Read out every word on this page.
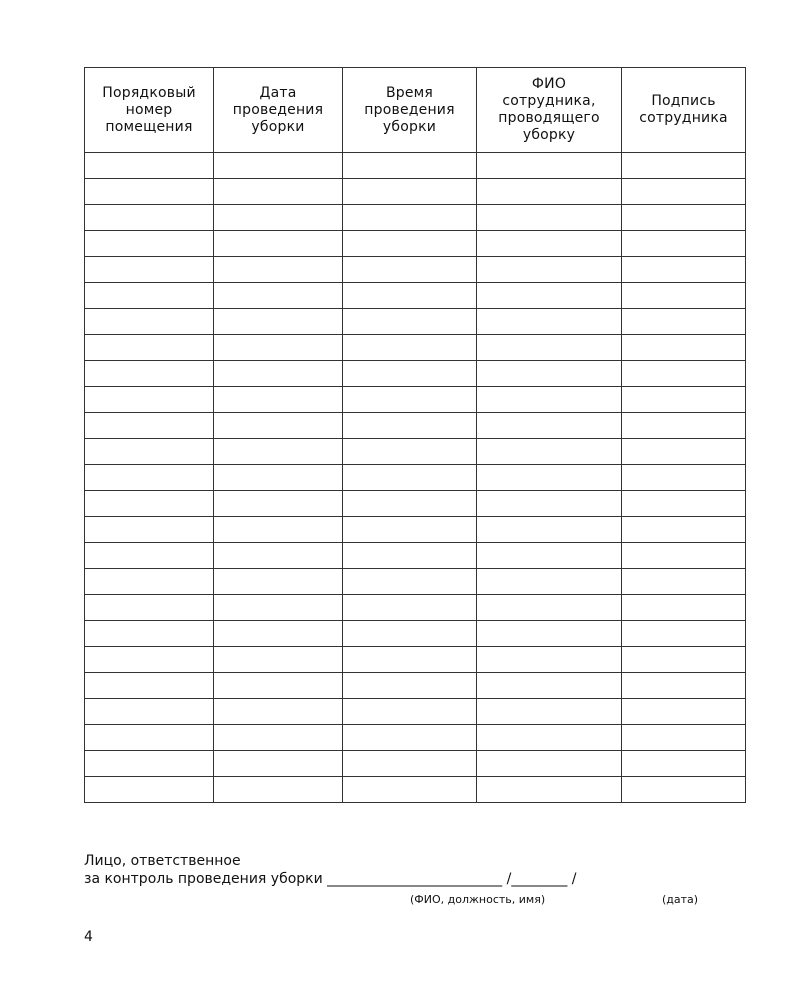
Порядковый
номер
помещения	Дата
проведения
уборки	Время
проведения
уборки	ФИО
сотрудника,
проводящего
уборку	Подпись
сотрудника

Лицо, ответственное
за контроль проведения уборки _________________________ /________ /
(ФИО, должность, имя)	(дата)
4
